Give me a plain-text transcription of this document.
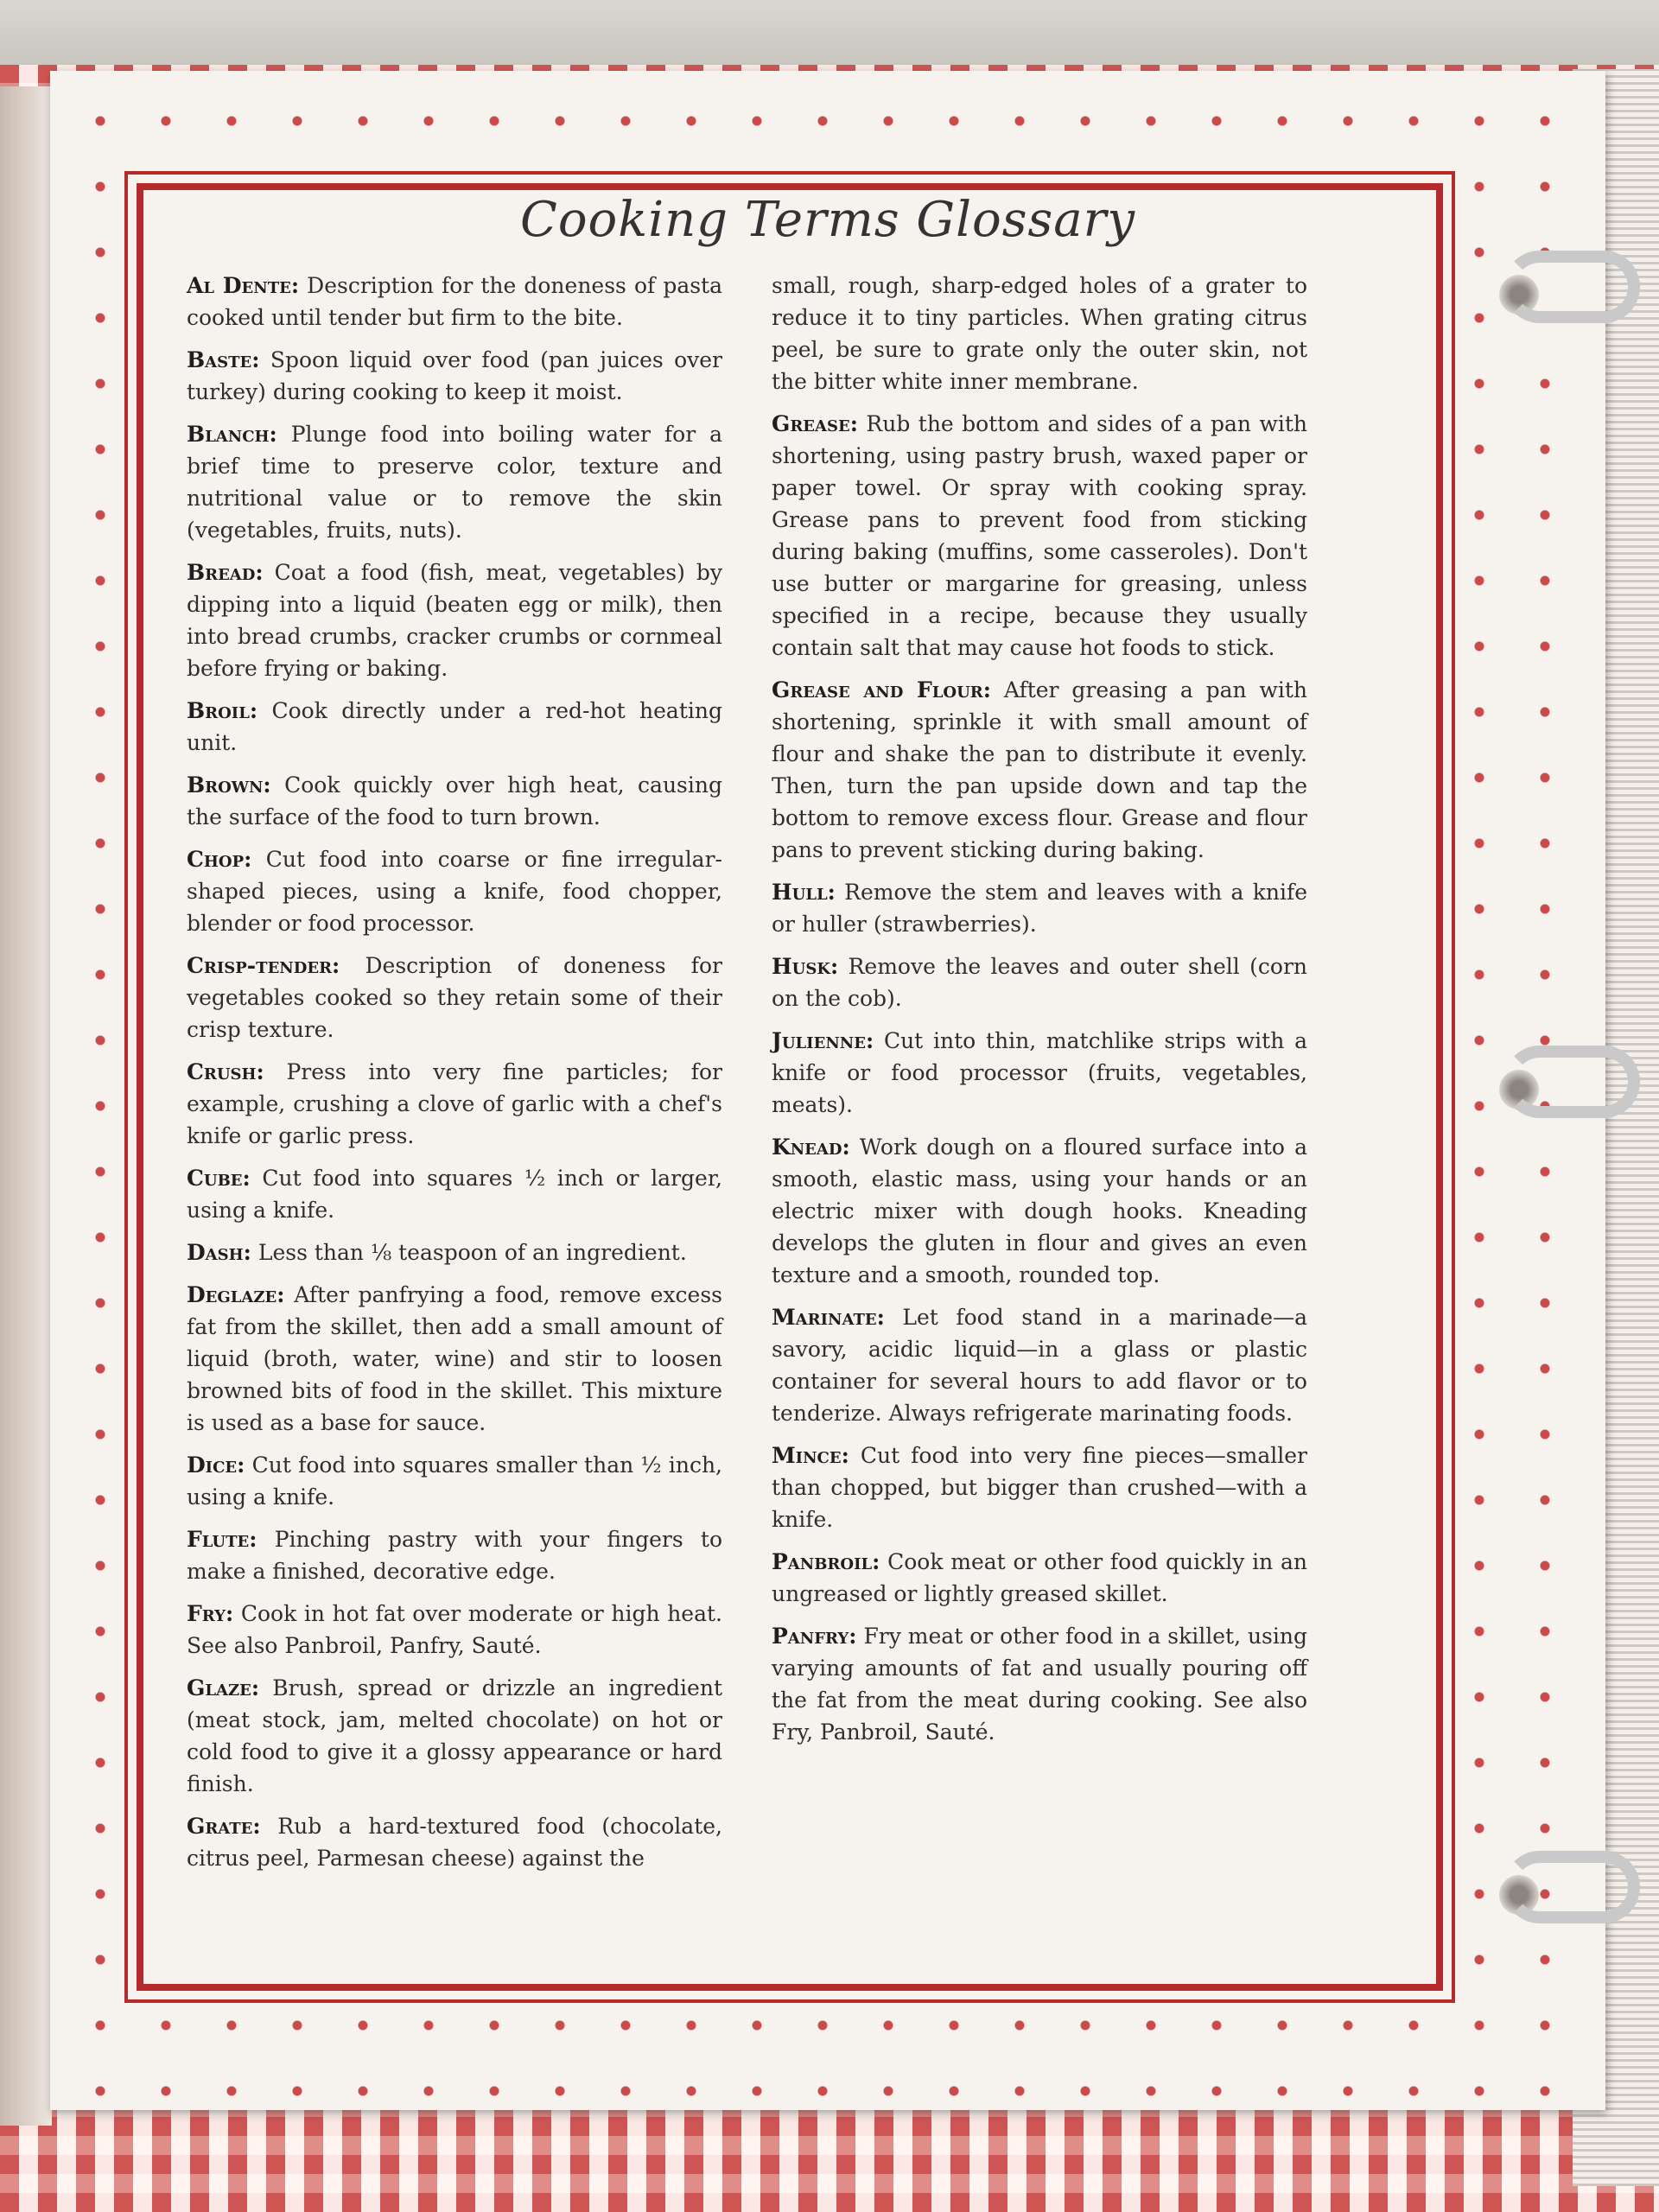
Cooking Terms Glossary

Al Dente: Description for the doneness of pasta cooked until tender but firm to the bite.

Baste: Spoon liquid over food (pan juices over turkey) during cooking to keep it moist.

Blanch: Plunge food into boiling water for a brief time to preserve color, texture and nutritional value or to remove the skin (vegetables, fruits, nuts).

Bread: Coat a food (fish, meat, vegetables) by dipping into a liquid (beaten egg or milk), then into bread crumbs, cracker crumbs or cornmeal before frying or baking.

Broil: Cook directly under a red-hot heating unit.

Brown: Cook quickly over high heat, causing the surface of the food to turn brown.

Chop: Cut food into coarse or fine irregular-shaped pieces, using a knife, food chopper, blender or food processor.

Crisp-tender: Description of doneness for vegetables cooked so they retain some of their crisp texture.

Crush: Press into very fine particles; for example, crushing a clove of garlic with a chef's knife or garlic press.

Cube: Cut food into squares ½ inch or larger, using a knife.

Dash: Less than ⅛ teaspoon of an ingredient.

Deglaze: After panfrying a food, remove excess fat from the skillet, then add a small amount of liquid (broth, water, wine) and stir to loosen browned bits of food in the skillet. This mixture is used as a base for sauce.

Dice: Cut food into squares smaller than ½ inch, using a knife.

Flute: Pinching pastry with your fingers to make a finished, decorative edge.

Fry: Cook in hot fat over moderate or high heat. See also Panbroil, Panfry, Sauté.

Glaze: Brush, spread or drizzle an ingredient (meat stock, jam, melted chocolate) on hot or cold food to give it a glossy appearance or hard finish.

Grate: Rub a hard-textured food (chocolate, citrus peel, Parmesan cheese) against the

small, rough, sharp-edged holes of a grater to reduce it to tiny particles. When grating citrus peel, be sure to grate only the outer skin, not the bitter white inner membrane.

Grease: Rub the bottom and sides of a pan with shortening, using pastry brush, waxed paper or paper towel. Or spray with cooking spray. Grease pans to prevent food from sticking during baking (muffins, some casseroles). Don't use butter or margarine for greasing, unless specified in a recipe, because they usually contain salt that may cause hot foods to stick.

Grease and Flour: After greasing a pan with shortening, sprinkle it with small amount of flour and shake the pan to distribute it evenly. Then, turn the pan upside down and tap the bottom to remove excess flour. Grease and flour pans to prevent sticking during baking.

Hull: Remove the stem and leaves with a knife or huller (strawberries).

Husk: Remove the leaves and outer shell (corn on the cob).

Julienne: Cut into thin, matchlike strips with a knife or food processor (fruits, vegetables, meats).

Knead: Work dough on a floured surface into a smooth, elastic mass, using your hands or an electric mixer with dough hooks. Kneading develops the gluten in flour and gives an even texture and a smooth, rounded top.

Marinate: Let food stand in a marinade—a savory, acidic liquid—in a glass or plastic container for several hours to add flavor or to tenderize. Always refrigerate marinating foods.

Mince: Cut food into very fine pieces—smaller than chopped, but bigger than crushed—with a knife.

Panbroil: Cook meat or other food quickly in an ungreased or lightly greased skillet.

Panfry: Fry meat or other food in a skillet, using varying amounts of fat and usually pouring off the fat from the meat during cooking. See also Fry, Panbroil, Sauté.
